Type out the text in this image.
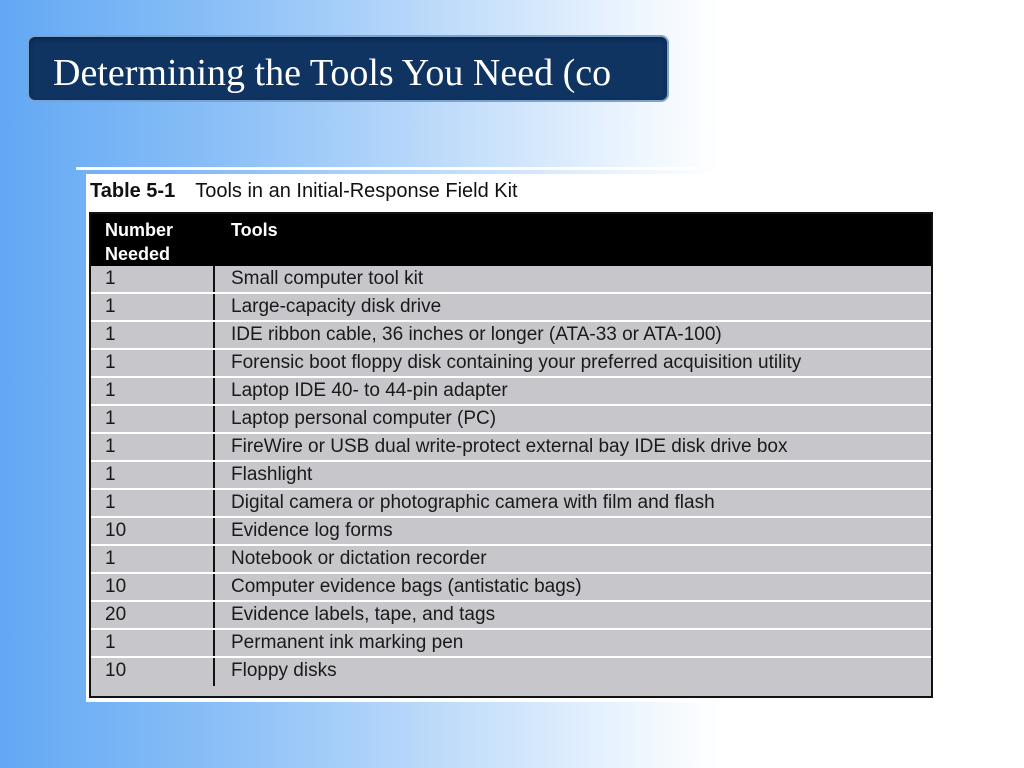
Determining the Tools You Need (co
Table 5-1 Tools in an Initial-Response Field Kit
Number Needed
Tools
1	Small computer tool kit
1	Large-capacity disk drive
1	IDE ribbon cable, 36 inches or longer (ATA-33 or ATA-100)
1	Forensic boot floppy disk containing your preferred acquisition utility
1	Laptop IDE 40- to 44-pin adapter
1	Laptop personal computer (PC)
1	FireWire or USB dual write-protect external bay IDE disk drive box
1	Flashlight
1	Digital camera or photographic camera with film and flash
10	Evidence log forms
1	Notebook or dictation recorder
10	Computer evidence bags (antistatic bags)
20	Evidence labels, tape, and tags
1	Permanent ink marking pen
10	Floppy disks
